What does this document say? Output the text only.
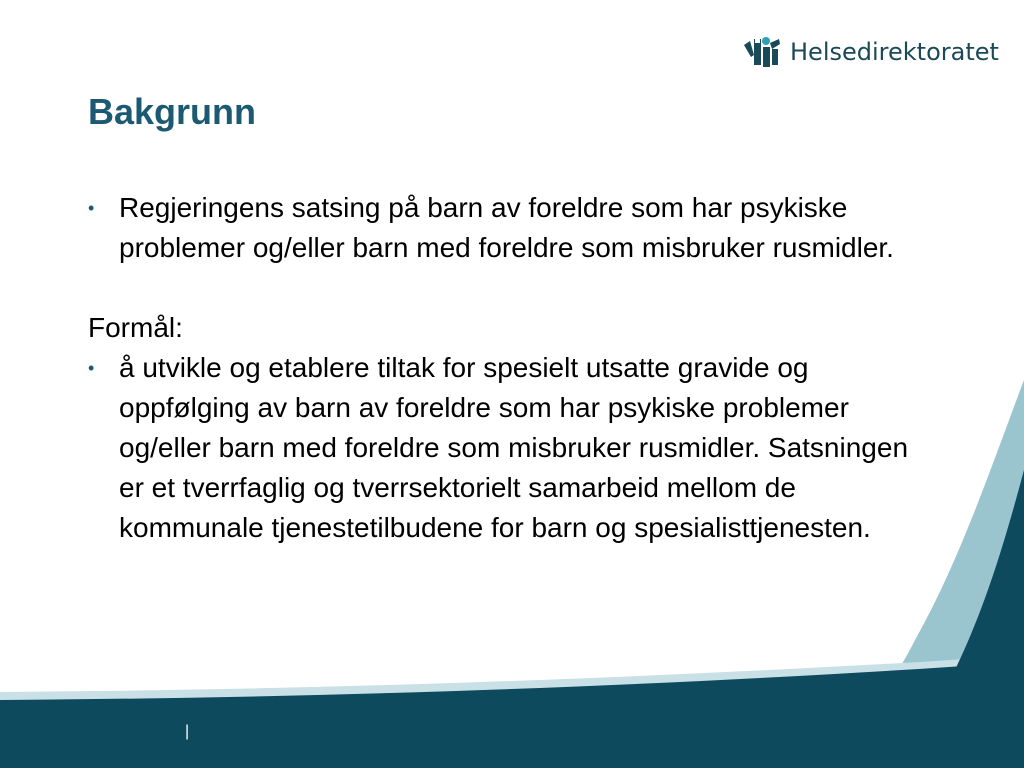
Helsedirektoratet
Bakgrunn
• Regjeringens satsing på barn av foreldre som har psykiske problemer og/eller barn med foreldre som misbruker rusmidler.
Formål:
• å utvikle og etablere tiltak for spesielt utsatte gravide og oppfølging av barn av foreldre som har psykiske problemer og/eller barn med foreldre som misbruker rusmidler. Satsningen er et tverrfaglig og tverrsektorielt samarbeid mellom de kommunale tjenestetilbudene for barn og spesialisttjenesten.
|
